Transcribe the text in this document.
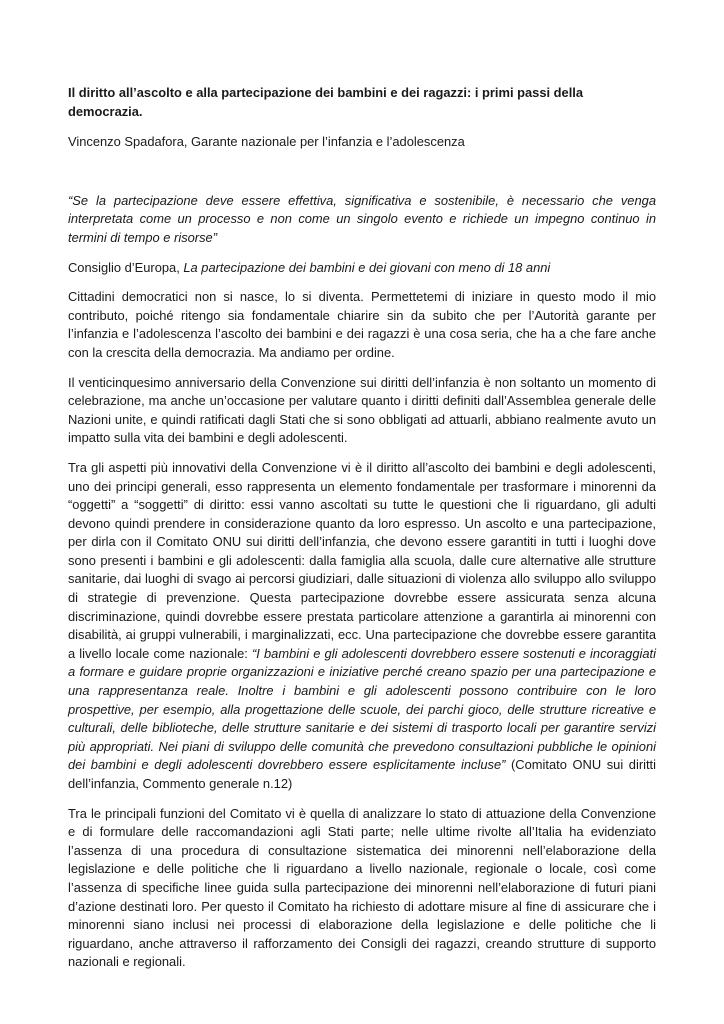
Il diritto all’ascolto e alla partecipazione dei bambini e dei ragazzi: i primi passi della democrazia.

Vincenzo Spadafora, Garante nazionale per l’infanzia e l’adolescenza

“Se la partecipazione deve essere effettiva, significativa e sostenibile, è necessario che venga interpretata come un processo e non come un singolo evento e richiede un impegno continuo in termini di tempo e risorse”

Consiglio d’Europa, La partecipazione dei bambini e dei giovani con meno di 18 anni

Cittadini democratici non si nasce, lo si diventa. Permettetemi di iniziare in questo modo il mio contributo, poiché ritengo sia fondamentale chiarire sin da subito che per l’Autorità garante per l’infanzia e l’adolescenza l’ascolto dei bambini e dei ragazzi è una cosa seria, che ha a che fare anche con la crescita della democrazia. Ma andiamo per ordine.

Il venticinquesimo anniversario della Convenzione sui diritti dell’infanzia è non soltanto un momento di celebrazione, ma anche un’occasione per valutare quanto i diritti definiti dall’Assemblea generale delle Nazioni unite, e quindi ratificati dagli Stati che si sono obbligati ad attuarli, abbiano realmente avuto un impatto sulla vita dei bambini e degli adolescenti.

Tra gli aspetti più innovativi della Convenzione vi è il diritto all’ascolto dei bambini e degli adolescenti, uno dei principi generali, esso rappresenta un elemento fondamentale per trasformare i minorenni da “oggetti” a “soggetti” di diritto: essi vanno ascoltati su tutte le questioni che li riguardano, gli adulti devono quindi prendere in considerazione quanto da loro espresso. Un ascolto e una partecipazione, per dirla con il Comitato ONU sui diritti dell’infanzia, che devono essere garantiti in tutti i luoghi dove sono presenti i bambini e gli adolescenti: dalla famiglia alla scuola, dalle cure alternative alle strutture sanitarie, dai luoghi di svago ai percorsi giudiziari, dalle situazioni di violenza allo sviluppo allo sviluppo di strategie di prevenzione. Questa partecipazione dovrebbe essere assicurata senza alcuna discriminazione, quindi dovrebbe essere prestata particolare attenzione a garantirla ai minorenni con disabilità, ai gruppi vulnerabili, i marginalizzati, ecc. Una partecipazione che dovrebbe essere garantita a livello locale come nazionale: “I bambini e gli adolescenti dovrebbero essere sostenuti e incoraggiati a formare e guidare proprie organizzazioni e iniziative perché creano spazio per una partecipazione e una rappresentanza reale. Inoltre i bambini e gli adolescenti possono contribuire con le loro prospettive, per esempio, alla progettazione delle scuole, dei parchi gioco, delle strutture ricreative e culturali, delle biblioteche, delle strutture sanitarie e dei sistemi di trasporto locali per garantire servizi più appropriati. Nei piani di sviluppo delle comunità che prevedono consultazioni pubbliche le opinioni dei bambini e degli adolescenti dovrebbero essere esplicitamente incluse” (Comitato ONU sui diritti dell’infanzia, Commento generale n.12)

Tra le principali funzioni del Comitato vi è quella di analizzare lo stato di attuazione della Convenzione e di formulare delle raccomandazioni agli Stati parte; nelle ultime rivolte all’Italia ha evidenziato l’assenza di una procedura di consultazione sistematica dei minorenni nell’elaborazione della legislazione e delle politiche che li riguardano a livello nazionale, regionale o locale, così come l’assenza di specifiche linee guida sulla partecipazione dei minorenni nell’elaborazione di futuri piani d’azione destinati loro. Per questo il Comitato ha richiesto di adottare misure al fine di assicurare che i minorenni siano inclusi nei processi di elaborazione della legislazione e delle politiche che li riguardano, anche attraverso il rafforzamento dei Consigli dei ragazzi, creando strutture di supporto nazionali e regionali.
